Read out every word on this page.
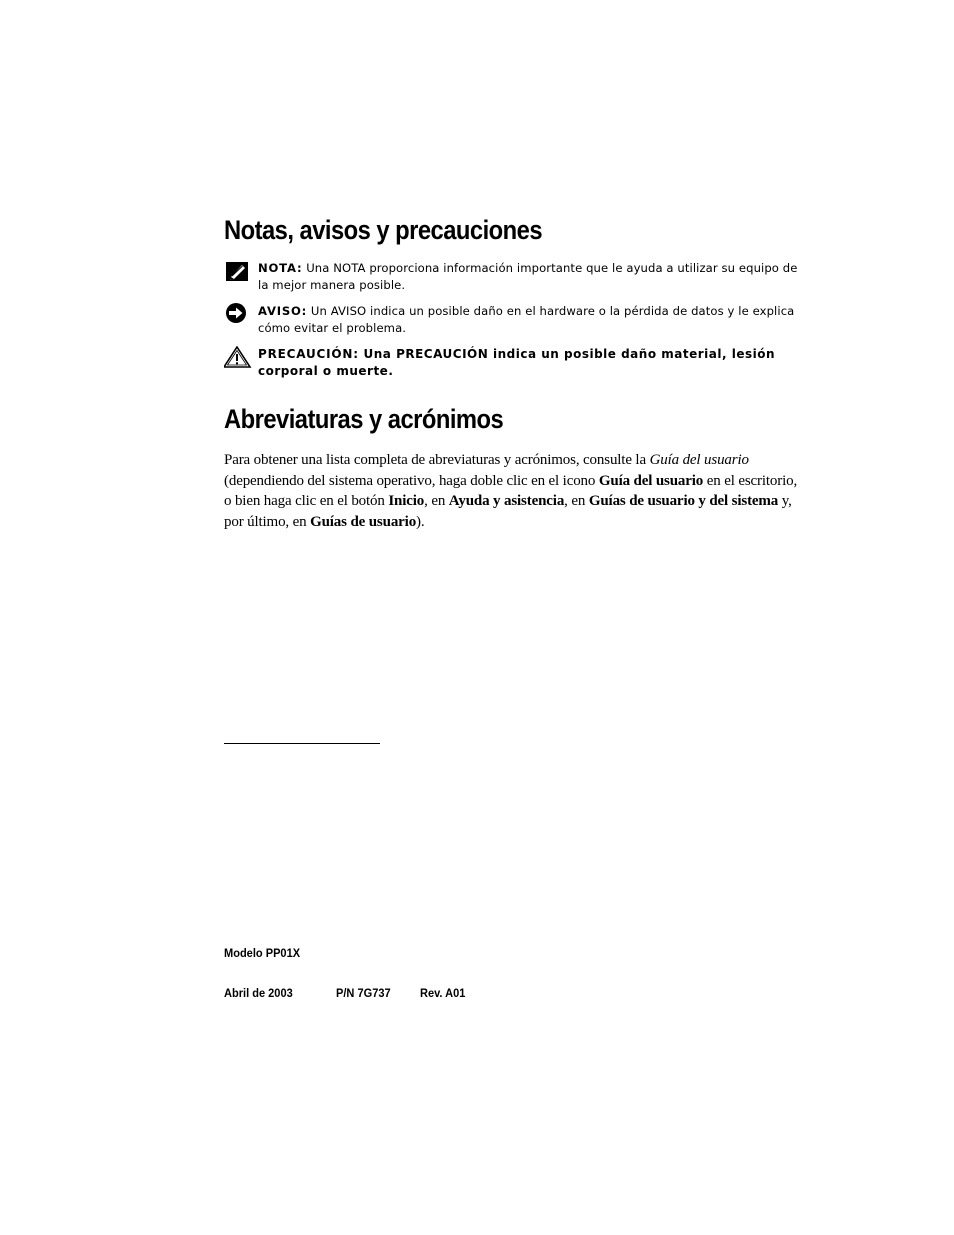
Notas, avisos y precauciones
NOTA: Una NOTA proporciona información importante que le ayuda a utilizar su equipo de la mejor manera posible.
AVISO: Un AVISO indica un posible daño en el hardware o la pérdida de datos y le explica cómo evitar el problema.
PRECAUCIÓN: Una PRECAUCIÓN indica un posible daño material, lesión corporal o muerte.
Abreviaturas y acrónimos

Para obtener una lista completa de abreviaturas y acrónimos, consulte la Guía del usuario (dependiendo del sistema operativo, haga doble clic en el icono Guía del usuario en el escritorio, o bien haga clic en el botón Inicio, en Ayuda y asistencia, en Guías de usuario y del sistema y, por último, en Guías de usuario).

Modelo PP01X
Abril de 2003	P/N 7G737 Rev. A01
